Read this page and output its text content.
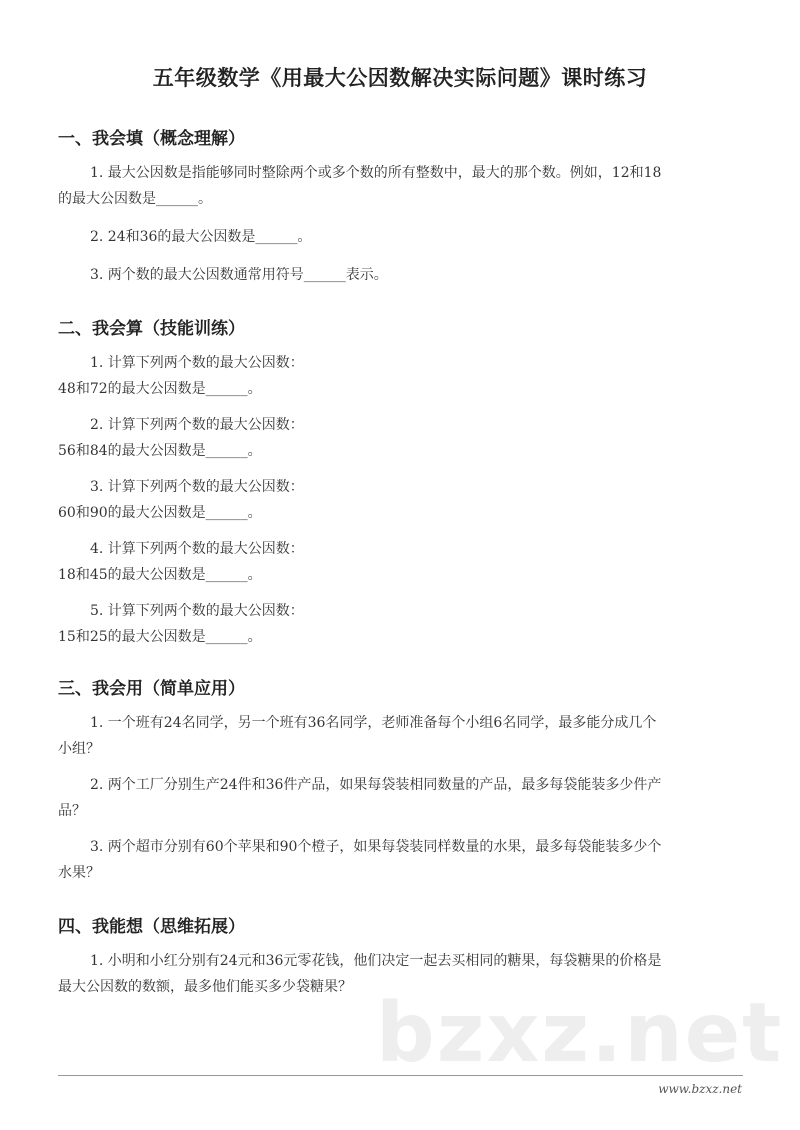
五年级数学《用最大公因数解决实际问题》课时练习
一、我会填（概念理解）
1. 最大公因数是指能够同时整除两个或多个数的所有整数中，最大的那个数。例如，12和18
的最大公因数是______。
2. 24和36的最大公因数是______。
3. 两个数的最大公因数通常用符号______表示。
二、我会算（技能训练）
1. 计算下列两个数的最大公因数：
48和72的最大公因数是______。
2. 计算下列两个数的最大公因数：
56和84的最大公因数是______。
3. 计算下列两个数的最大公因数：
60和90的最大公因数是______。
4. 计算下列两个数的最大公因数：
18和45的最大公因数是______。
5. 计算下列两个数的最大公因数：
15和25的最大公因数是______。
三、我会用（简单应用）
1. 一个班有24名同学，另一个班有36名同学，老师准备每个小组6名同学，最多能分成几个
小组？
2. 两个工厂分别生产24件和36件产品，如果每袋装相同数量的产品，最多每袋能装多少件产
品？
3. 两个超市分别有60个苹果和90个橙子，如果每袋装同样数量的水果，最多每袋能装多少个
水果？
四、我能想（思维拓展）
1. 小明和小红分别有24元和36元零花钱，他们决定一起去买相同的糖果，每袋糖果的价格是
最大公因数的数额，最多他们能买多少袋糖果？ bzxz.net
www.bzxz.net
